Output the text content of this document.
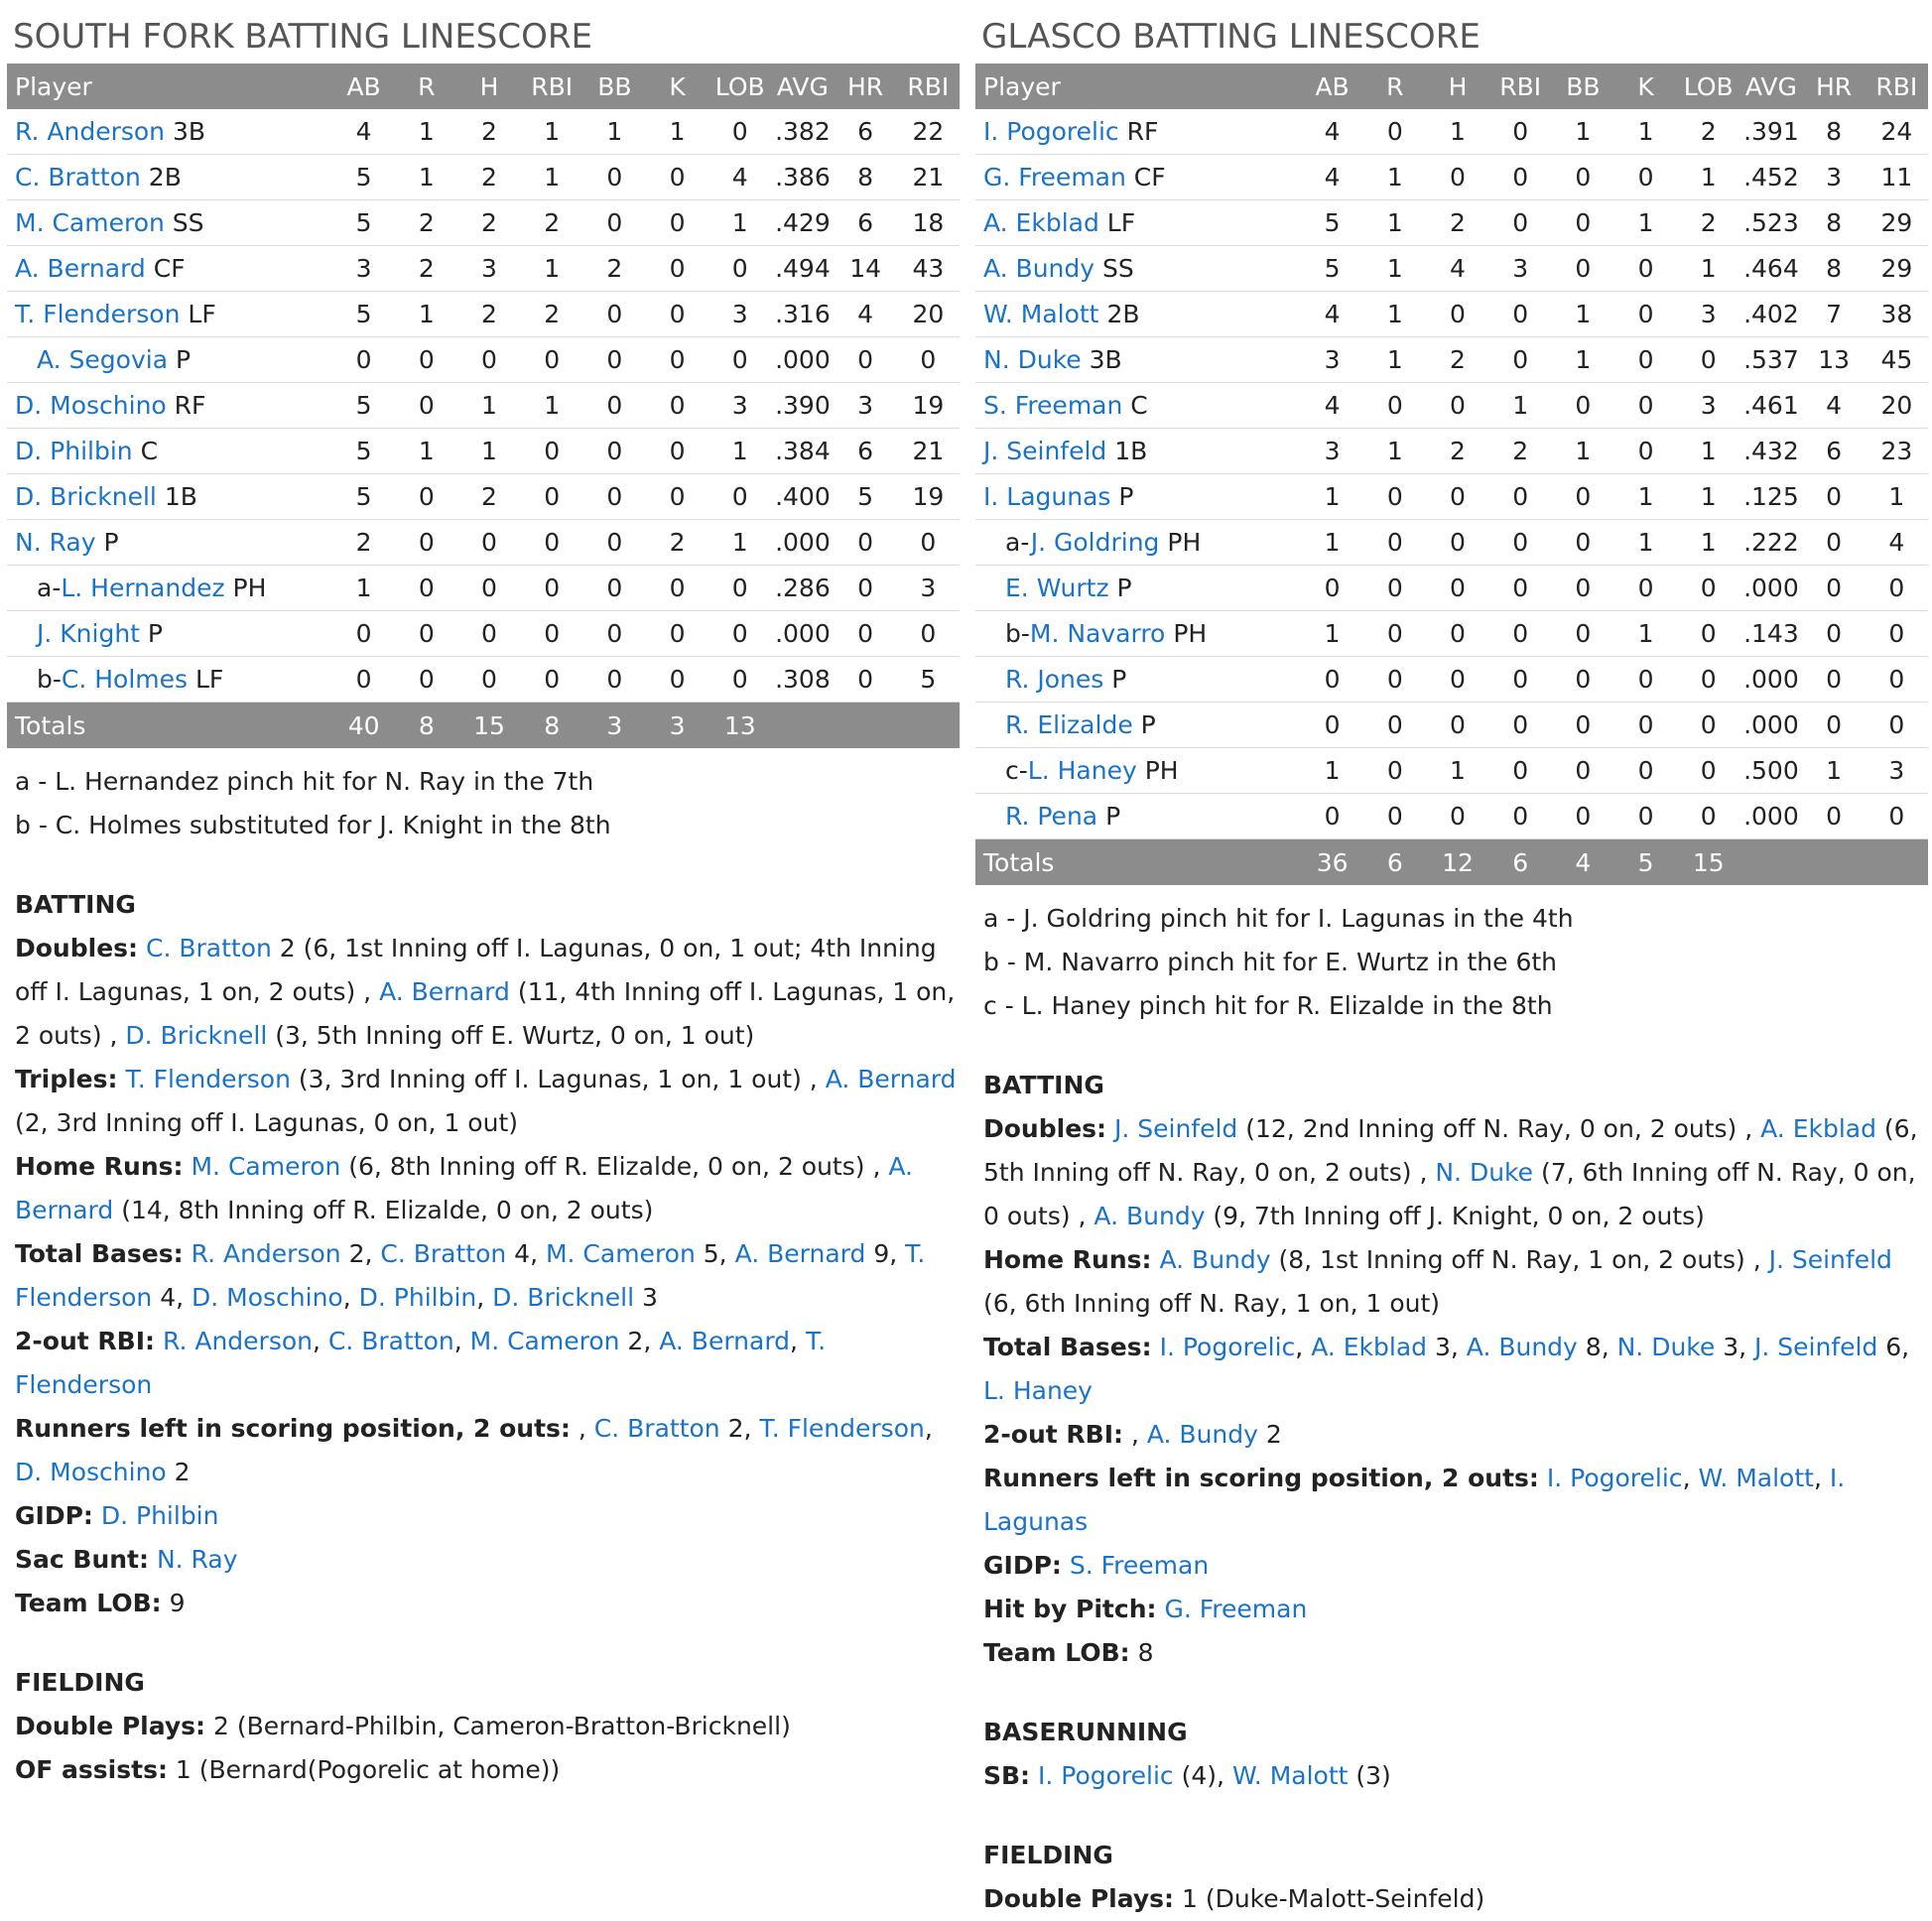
SOUTH FORK BATTING LINESCORE
Player	AB	R	H	RBI	BB	K	LOB	AVG	HR	RBI
R. Anderson 3B	4	1	2	1	1	1	0	.382	6	22
C. Bratton 2B	5	1	2	1	0	0	4	.386	8	21
M. Cameron SS	5	2	2	2	0	0	1	.429	6	18
A. Bernard CF	3	2	3	1	2	0	0	.494	14	43
T. Flenderson LF	5	1	2	2	0	0	3	.316	4	20
A. Segovia P	0	0	0	0	0	0	0	.000	0	0
D. Moschino RF	5	0	1	1	0	0	3	.390	3	19
D. Philbin C	5	1	1	0	0	0	1	.384	6	21
D. Bricknell 1B	5	0	2	0	0	0	0	.400	5	19
N. Ray P	2	0	0	0	0	2	1	.000	0	0
a-L. Hernandez PH	1	0	0	0	0	0	0	.286	0	3
J. Knight P	0	0	0	0	0	0	0	.000	0	0
b-C. Holmes LF	0	0	0	0	0	0	0	.308	0	5
Totals	40	8	15	8	3	3	13			
a - L. Hernandez pinch hit for N. Ray in the 7th
b - C. Holmes substituted for J. Knight in the 8th
BATTING
Doubles: C. Bratton 2 (6, 1st Inning off I. Lagunas, 0 on, 1 out; 4th Inning off I. Lagunas, 1 on, 2 outs) , A. Bernard (11, 4th Inning off I. Lagunas, 1 on, 2 outs) , D. Bricknell (3, 5th Inning off E. Wurtz, 0 on, 1 out)
Triples: T. Flenderson (3, 3rd Inning off I. Lagunas, 1 on, 1 out) , A. Bernard (2, 3rd Inning off I. Lagunas, 0 on, 1 out)
Home Runs: M. Cameron (6, 8th Inning off R. Elizalde, 0 on, 2 outs) , A. Bernard (14, 8th Inning off R. Elizalde, 0 on, 2 outs)
Total Bases: R. Anderson 2, C. Bratton 4, M. Cameron 5, A. Bernard 9, T. Flenderson 4, D. Moschino, D. Philbin, D. Bricknell 3
2-out RBI: R. Anderson, C. Bratton, M. Cameron 2, A. Bernard, T. Flenderson
Runners left in scoring position, 2 outs: , C. Bratton 2, T. Flenderson, D. Moschino 2
GIDP: D. Philbin
Sac Bunt: N. Ray
Team LOB: 9
FIELDING
Double Plays: 2 (Bernard-Philbin, Cameron-Bratton-Bricknell)
OF assists: 1 (Bernard(Pogorelic at home))
GLASCO BATTING LINESCORE
Player	AB	R	H	RBI	BB	K	LOB	AVG	HR	RBI
I. Pogorelic RF	4	0	1	0	1	1	2	.391	8	24
G. Freeman CF	4	1	0	0	0	0	1	.452	3	11
A. Ekblad LF	5	1	2	0	0	1	2	.523	8	29
A. Bundy SS	5	1	4	3	0	0	1	.464	8	29
W. Malott 2B	4	1	0	0	1	0	3	.402	7	38
N. Duke 3B	3	1	2	0	1	0	0	.537	13	45
S. Freeman C	4	0	0	1	0	0	3	.461	4	20
J. Seinfeld 1B	3	1	2	2	1	0	1	.432	6	23
I. Lagunas P	1	0	0	0	0	1	1	.125	0	1
a-J. Goldring PH	1	0	0	0	0	1	1	.222	0	4
E. Wurtz P	0	0	0	0	0	0	0	.000	0	0
b-M. Navarro PH	1	0	0	0	0	1	0	.143	0	0
R. Jones P	0	0	0	0	0	0	0	.000	0	0
R. Elizalde P	0	0	0	0	0	0	0	.000	0	0
c-L. Haney PH	1	0	1	0	0	0	0	.500	1	3
R. Pena P	0	0	0	0	0	0	0	.000	0	0
Totals	36	6	12	6	4	5	15			
a - J. Goldring pinch hit for I. Lagunas in the 4th
b - M. Navarro pinch hit for E. Wurtz in the 6th
c - L. Haney pinch hit for R. Elizalde in the 8th
BATTING
Doubles: J. Seinfeld (12, 2nd Inning off N. Ray, 0 on, 2 outs) , A. Ekblad (6, 5th Inning off N. Ray, 0 on, 2 outs) , N. Duke (7, 6th Inning off N. Ray, 0 on, 0 outs) , A. Bundy (9, 7th Inning off J. Knight, 0 on, 2 outs)
Home Runs: A. Bundy (8, 1st Inning off N. Ray, 1 on, 2 outs) , J. Seinfeld (6, 6th Inning off N. Ray, 1 on, 1 out)
Total Bases: I. Pogorelic, A. Ekblad 3, A. Bundy 8, N. Duke 3, J. Seinfeld 6, L. Haney
2-out RBI: , A. Bundy 2
Runners left in scoring position, 2 outs: I. Pogorelic, W. Malott, I. Lagunas
GIDP: S. Freeman
Hit by Pitch: G. Freeman
Team LOB: 8
BASERUNNING
SB: I. Pogorelic (4), W. Malott (3)
FIELDING
Double Plays: 1 (Duke-Malott-Seinfeld)
